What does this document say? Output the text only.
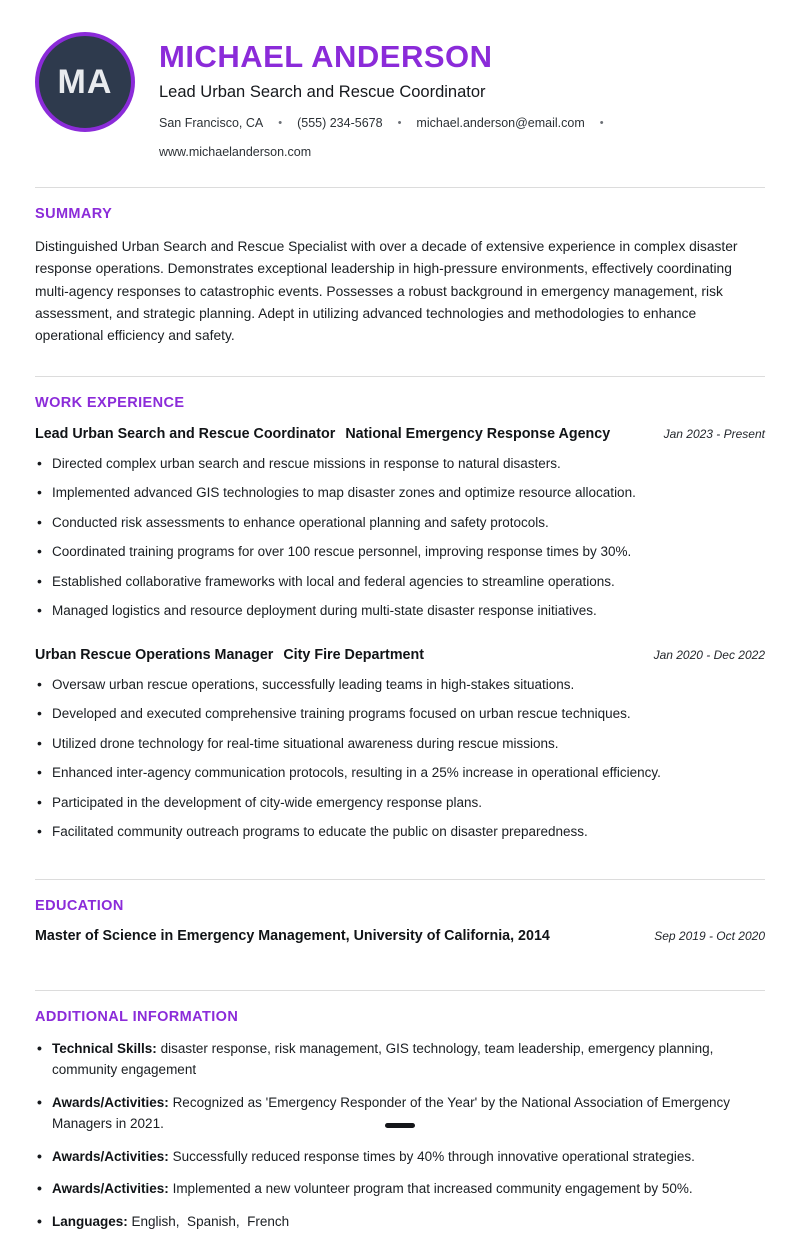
MA
MICHAEL ANDERSON

Lead Urban Search and Rescue Coordinator

San Francisco, CA • (555) 234-5678 • michael.anderson@email.com •
www.michaelanderson.com
SUMMARY

Distinguished Urban Search and Rescue Specialist with over a decade of extensive experience in complex disaster response operations. Demonstrates exceptional leadership in high-pressure environments, effectively coordinating multi-agency responses to catastrophic events. Possesses a robust background in emergency management, risk assessment, and strategic planning. Adept in utilizing advanced technologies and methodologies to enhance operational efficiency and safety.

WORK EXPERIENCE
Lead Urban Search and Rescue Coordinator National Emergency Response Agency	Jan 2023 - Present
• Directed complex urban search and rescue missions in response to natural disasters.
• Implemented advanced GIS technologies to map disaster zones and optimize resource allocation.
• Conducted risk assessments to enhance operational planning and safety protocols.
• Coordinated training programs for over 100 rescue personnel, improving response times by 30%.
• Established collaborative frameworks with local and federal agencies to streamline operations.
• Managed logistics and resource deployment during multi-state disaster response initiatives.
Urban Rescue Operations Manager City Fire Department	Jan 2020 - Dec 2022
• Oversaw urban rescue operations, successfully leading teams in high-stakes situations.
• Developed and executed comprehensive training programs focused on urban rescue techniques.
• Utilized drone technology for real-time situational awareness during rescue missions.
• Enhanced inter-agency communication protocols, resulting in a 25% increase in operational efficiency.
• Participated in the development of city-wide emergency response plans.
• Facilitated community outreach programs to educate the public on disaster preparedness.
EDUCATION
Master of Science in Emergency Management, University of California, 2014	Sep 2019 - Oct 2020
ADDITIONAL INFORMATION
• Technical Skills: disaster response, risk management, GIS technology, team leadership, emergency planning, community engagement
• Awards/Activities: Recognized as 'Emergency Responder of the Year' by the National Association of Emergency Managers in 2021.
• Awards/Activities: Successfully reduced response times by 40% through innovative operational strategies.
• Awards/Activities: Implemented a new volunteer program that increased community engagement by 50%.
• Languages: English,  Spanish,  French
